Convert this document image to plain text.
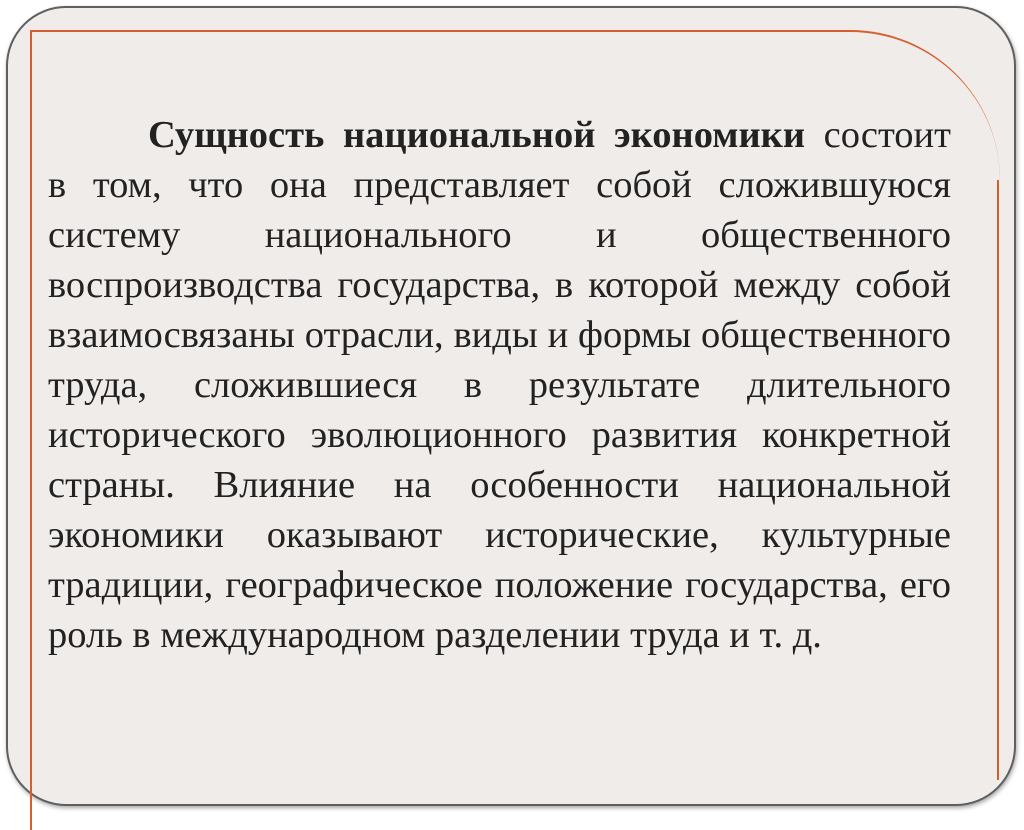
Сущность национальной экономики состоит в том, что она представляет собой сложившуюся систему национального и общественного воспроизводства государства, в которой между собой взаимосвязаны отрасли, виды и формы общественного труда, сложившиеся в результате длительного исторического эволюционного развития конкретной страны. Влияние на особенности национальной экономики оказывают исторические, культурные традиции, географическое положение государства, его роль в международном разделении труда и т. д.
